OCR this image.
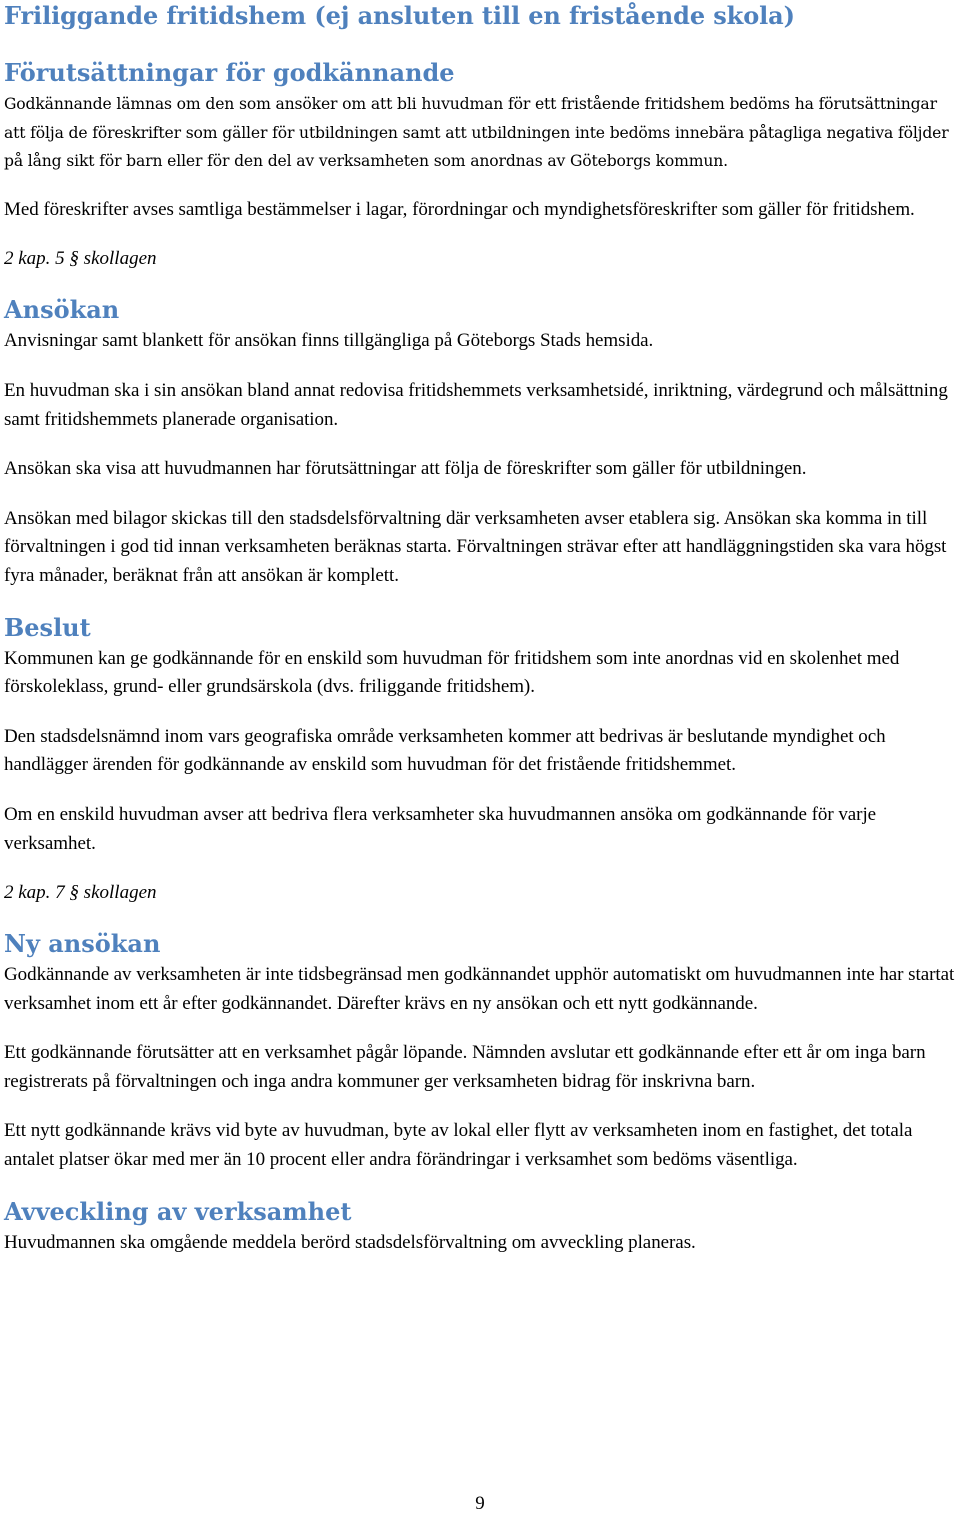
Friliggande fritidshem (ej ansluten till en fristående skola)
Förutsättningar för godkännande

Godkännande lämnas om den som ansöker om att bli huvudman för ett fristående fritidshem bedöms ha förutsättningar att följa de föreskrifter som gäller för utbildningen samt att utbildningen inte bedöms innebära påtagliga negativa följder på lång sikt för barn eller för den del av verksamheten som anordnas av Göteborgs kommun.

Med föreskrifter avses samtliga bestämmelser i lagar, förordningar och myndighetsföreskrifter som gäller för fritidshem.

2 kap. 5 § skollagen

Ansökan

Anvisningar samt blankett för ansökan finns tillgängliga på Göteborgs Stads hemsida.

En huvudman ska i sin ansökan bland annat redovisa fritidshemmets verksamhetsidé, inriktning, värdegrund och målsättning samt fritidshemmets planerade organisation.

Ansökan ska visa att huvudmannen har förutsättningar att följa de föreskrifter som gäller för utbildningen.

Ansökan med bilagor skickas till den stadsdelsförvaltning där verksamheten avser etablera sig. Ansökan ska komma in till förvaltningen i god tid innan verksamheten beräknas starta. Förvaltningen strävar efter att handläggningstiden ska vara högst fyra månader, beräknat från att ansökan är komplett.

Beslut

Kommunen kan ge godkännande för en enskild som huvudman för fritidshem som inte anordnas vid en skolenhet med förskoleklass, grund- eller grundsärskola (dvs. friliggande fritidshem).

Den stadsdelsnämnd inom vars geografiska område verksamheten kommer att bedrivas är beslutande myndighet och handlägger ärenden för godkännande av enskild som huvudman för det fristående fritidshemmet.

Om en enskild huvudman avser att bedriva flera verksamheter ska huvudmannen ansöka om godkännande för varje verksamhet.

2 kap. 7 § skollagen

Ny ansökan

Godkännande av verksamheten är inte tidsbegränsad men godkännandet upphör automatiskt om huvudmannen inte har startat verksamhet inom ett år efter godkännandet. Därefter krävs en ny ansökan och ett nytt godkännande.

Ett godkännande förutsätter att en verksamhet pågår löpande. Nämnden avslutar ett godkännande efter ett år om inga barn registrerats på förvaltningen och inga andra kommuner ger verksamheten bidrag för inskrivna barn.

Ett nytt godkännande krävs vid byte av huvudman, byte av lokal eller flytt av verksamheten inom en fastighet, det totala antalet platser ökar med mer än 10 procent eller andra förändringar i verksamhet som bedöms väsentliga.

Avveckling av verksamhet

Huvudmannen ska omgående meddela berörd stadsdelsförvaltning om avveckling planeras.

9
